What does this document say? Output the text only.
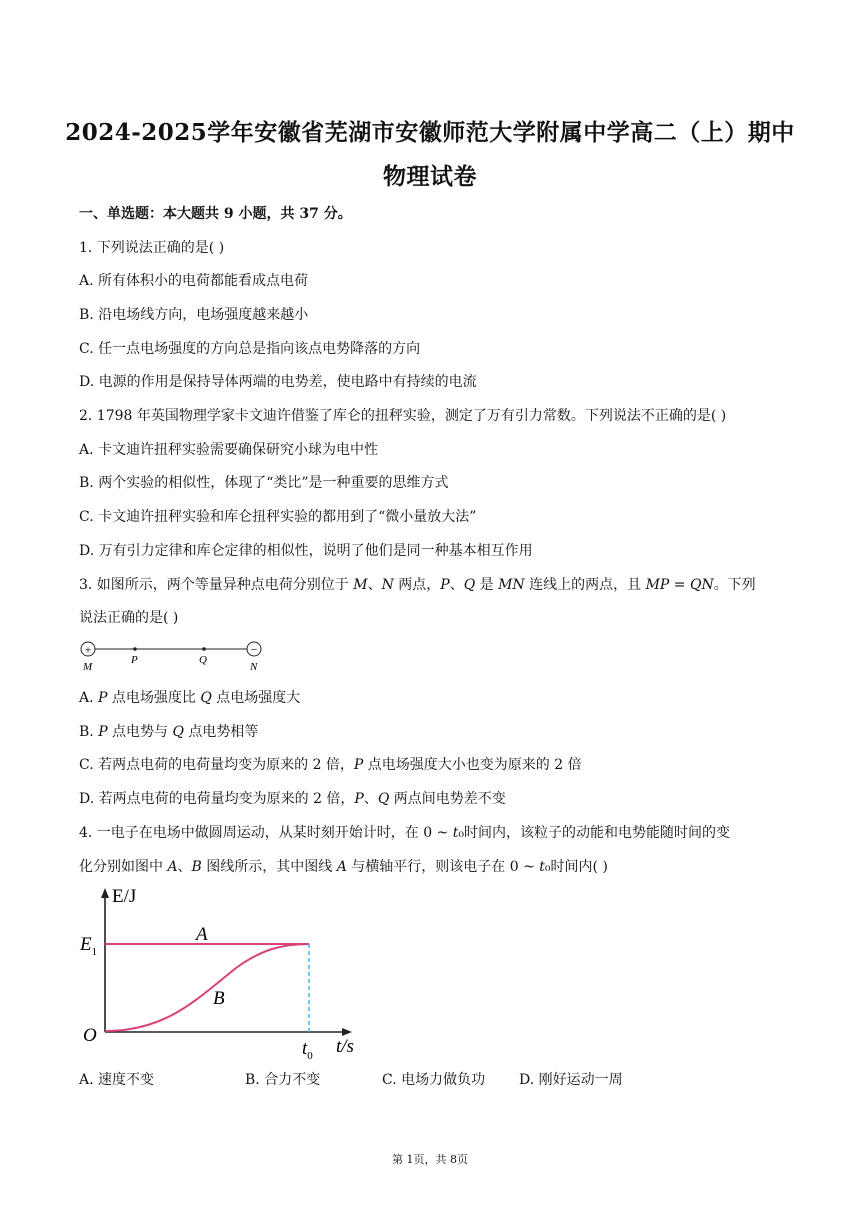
2024-2025学年安徽省芜湖市安徽师范大学附属中学高二（上）期中
物理试卷
一、单选题：本大题共 9 小题，共 37 分。
1. 下列说法正确的是( )
A. 所有体积小的电荷都能看成点电荷
B. 沿电场线方向，电场强度越来越小
C. 任一点电场强度的方向总是指向该点电势降落的方向
D. 电源的作用是保持导体两端的电势差，使电路中有持续的电流
2. 1798 年英国物理学家卡文迪许借鉴了库仑的扭秤实验，测定了万有引力常数。下列说法不正确的是( )
A. 卡文迪许扭秤实验需要确保研究小球为电中性
B. 两个实验的相似性，体现了“类比”是一种重要的思维方式
C. 卡文迪许扭秤实验和库仑扭秤实验的都用到了“微小量放大法”
D. 万有引力定律和库仑定律的相似性，说明了他们是同一种基本相互作用
3. 如图所示，两个等量异种点电荷分别位于 𝑀、𝑁 两点，𝑃、𝑄 是 𝑀𝑁 连线上的两点，且 𝑀𝑃 = 𝑄𝑁。下列
说法正确的是( )
+	−
M
P	Q
N
A. 𝑃 点电场强度比 𝑄 点电场强度大
B. 𝑃 点电势与 𝑄 点电势相等
C. 若两点电荷的电荷量均变为原来的 2 倍，𝑃 点电场强度大小也变为原来的 2 倍
D. 若两点电荷的电荷量均变为原来的 2 倍，𝑃、𝑄 两点间电势差不变
4. 一电子在电场中做圆周运动，从某时刻开始计时，在 0 ~ 𝑡₀时间内，该粒子的动能和电势能随时间的变
化分别如图中 𝐴、𝐵 图线所示，其中图线 𝐴 与横轴平行，则该电子在 0 ~ 𝑡₀时间内( )
E/J
t/s
O
$E_1$
$t_0$
A
B
A. 速度不变	B. 合力不变	C. 电场力做负功 D. 刚好运动一周
第 1页，共 8页
